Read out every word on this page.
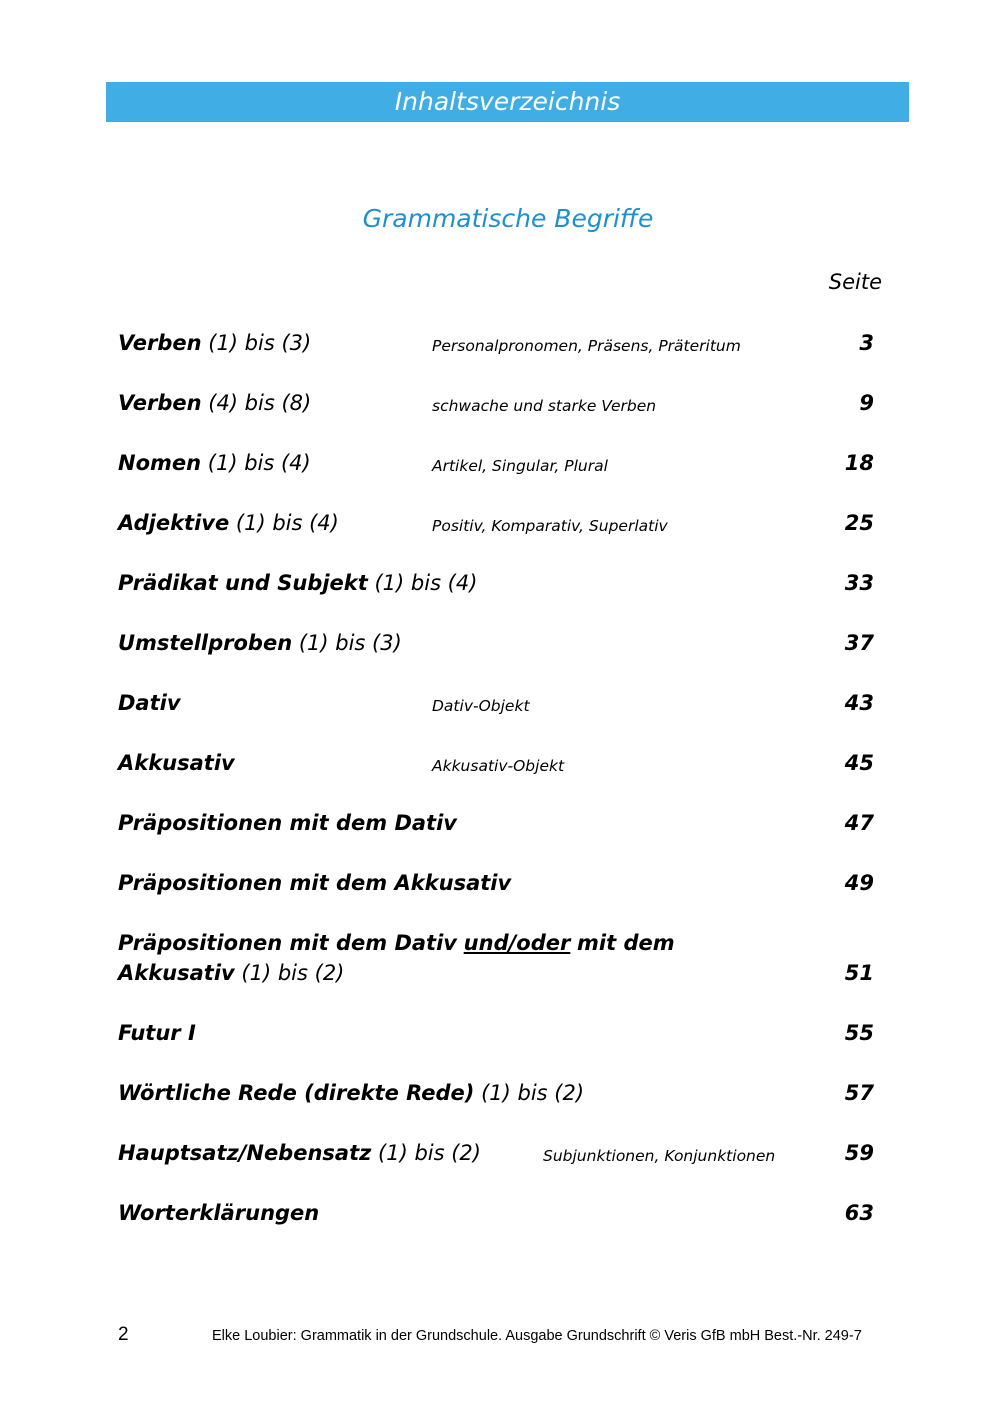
Inhaltsverzeichnis
Grammatische Begriffe
Seite
Verben (1) bis (3)	Personalpronomen, Präsens, Präteritum	3
Verben (4) bis (8)	schwache und starke Verben	9
Nomen (1) bis (4)	Artikel, Singular, Plural	18
Adjektive (1) bis (4)	Positiv, Komparativ, Superlativ	25
Prädikat und Subjekt (1) bis (4)	33
Umstellproben (1) bis (3)	37
Dativ	Dativ-Objekt	43
Akkusativ	Akkusativ-Objekt	45
Präpositionen mit dem Dativ	47
Präpositionen mit dem Akkusativ	49
Präpositionen mit dem Dativ und/oder mit dem
Akkusativ (1) bis (2)	51
Futur I	55
Wörtliche Rede (direkte Rede) (1) bis (2)	57
Hauptsatz/Nebensatz (1) bis (2)	Subjunktionen, Konjunktionen	59
Worterklärungen	63
2	Elke Loubier: Grammatik in der Grundschule. Ausgabe Grundschrift © Veris GfB mbH Best.-Nr. 249-7
